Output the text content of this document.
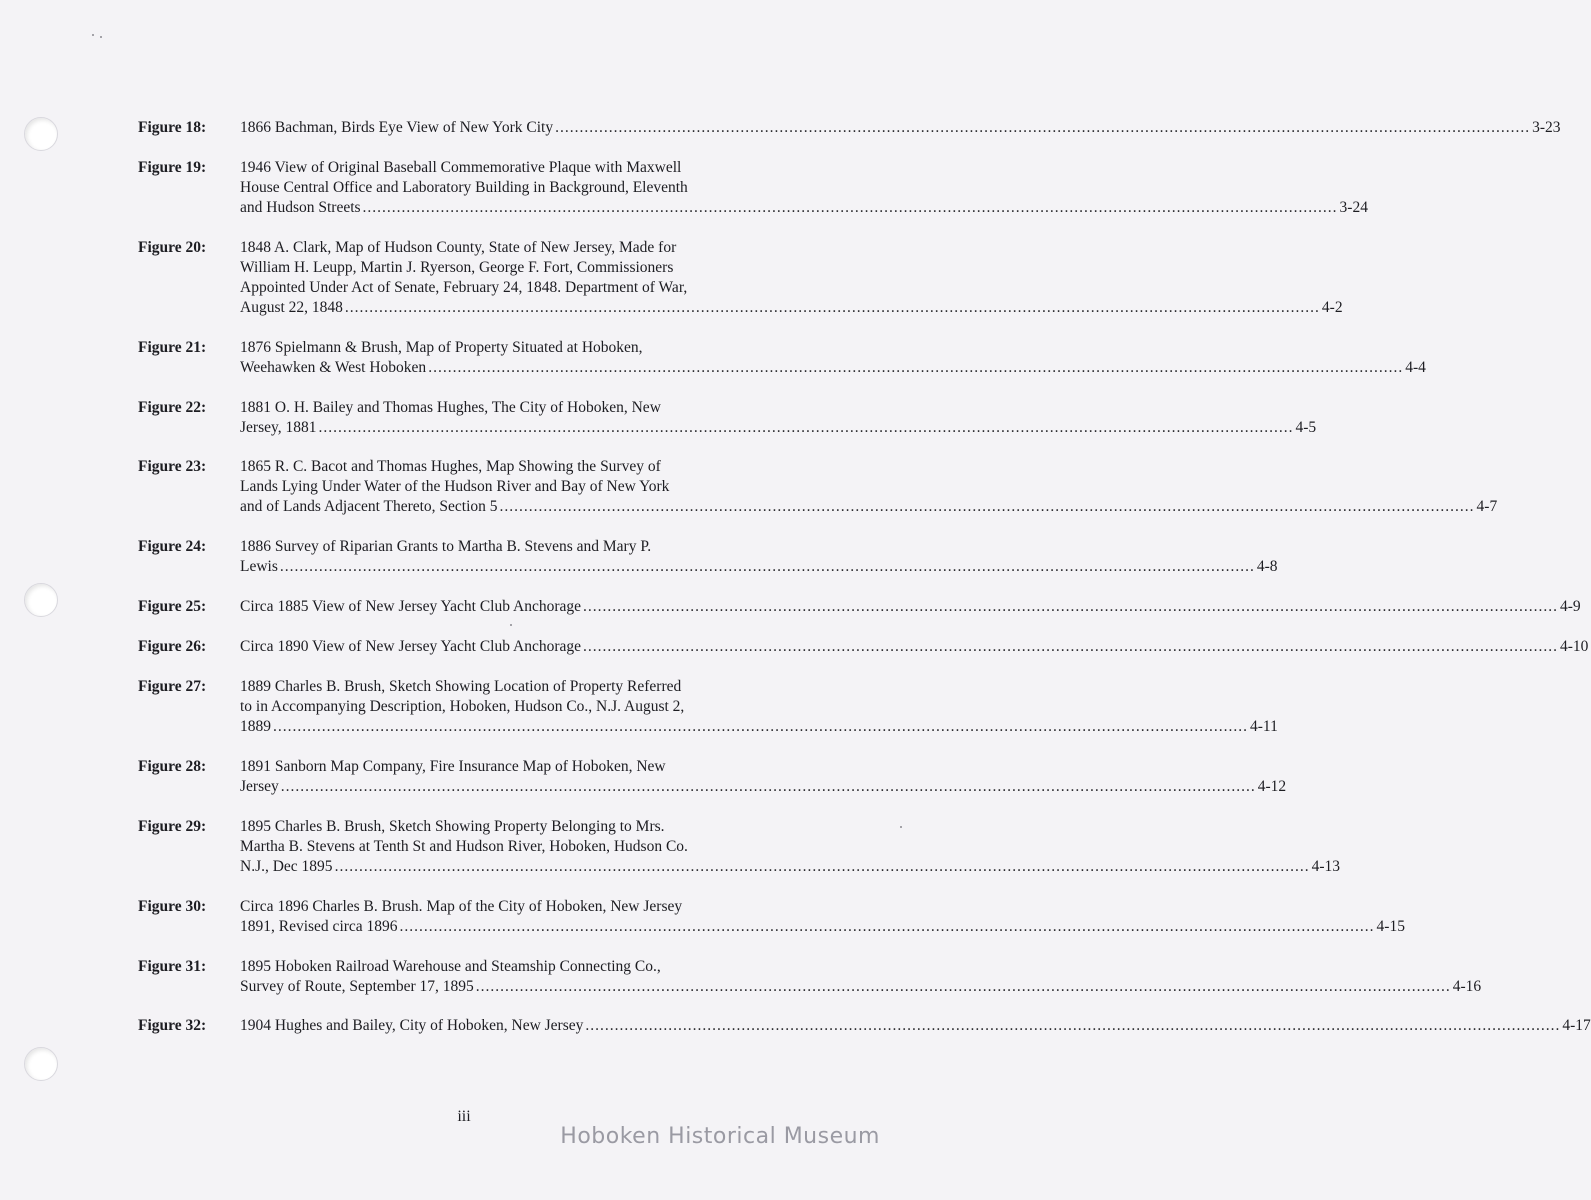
Figure 18:	1866 Bachman, Birds Eye View of New York City ........................................................................................................................................................................................................ 3-23
Figure 19:	1946 View of Original Baseball Commemorative Plaque with Maxwell
House Central Office and Laboratory Building in Background, Eleventh
and Hudson Streets ........................................................................................................................................................................................................ 3-24
Figure 20:	1848 A. Clark, Map of Hudson County, State of New Jersey, Made for
William H. Leupp, Martin J. Ryerson, George F. Fort, Commissioners
Appointed Under Act of Senate, February 24, 1848. Department of War,
August 22, 1848 ........................................................................................................................................................................................................ 4-2
Figure 21:	1876 Spielmann & Brush, Map of Property Situated at Hoboken,
Weehawken & West Hoboken ........................................................................................................................................................................................................ 4-4
Figure 22:	1881 O. H. Bailey and Thomas Hughes, The City of Hoboken, New
Jersey, 1881 ........................................................................................................................................................................................................ 4-5
Figure 23:	1865 R. C. Bacot and Thomas Hughes, Map Showing the Survey of
Lands Lying Under Water of the Hudson River and Bay of New York
and of Lands Adjacent Thereto, Section 5 ........................................................................................................................................................................................................ 4-7
Figure 24:	1886 Survey of Riparian Grants to Martha B. Stevens and Mary P.
Lewis ........................................................................................................................................................................................................ 4-8
Figure 25:	Circa 1885 View of New Jersey Yacht Club Anchorage ........................................................................................................................................................................................................ 4-9
Figure 26:	Circa 1890 View of New Jersey Yacht Club Anchorage ........................................................................................................................................................................................................ 4-10
Figure 27:	1889 Charles B. Brush, Sketch Showing Location of Property Referred
to in Accompanying Description, Hoboken, Hudson Co., N.J. August 2,
1889 ........................................................................................................................................................................................................ 4-11
Figure 28:	1891 Sanborn Map Company, Fire Insurance Map of Hoboken, New
Jersey ........................................................................................................................................................................................................ 4-12
Figure 29:	1895 Charles B. Brush, Sketch Showing Property Belonging to Mrs.
Martha B. Stevens at Tenth St and Hudson River, Hoboken, Hudson Co.
N.J., Dec 1895 ........................................................................................................................................................................................................ 4-13
Figure 30:	Circa 1896 Charles B. Brush. Map of the City of Hoboken, New Jersey
1891, Revised circa 1896 ........................................................................................................................................................................................................ 4-15
Figure 31:	1895 Hoboken Railroad Warehouse and Steamship Connecting Co.,
Survey of Route, September 17, 1895 ........................................................................................................................................................................................................ 4-16
Figure 32:	1904 Hughes and Bailey, City of Hoboken, New Jersey ........................................................................................................................................................................................................ 4-17
iii
Hoboken Historical Museum
